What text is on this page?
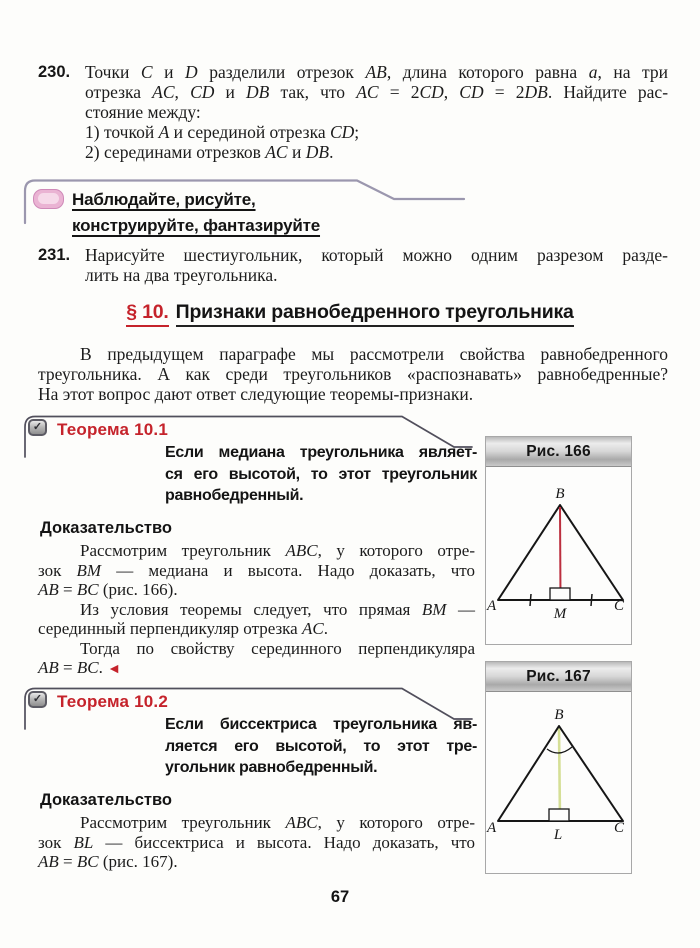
230. Точки C и D разделили отрезок AB, длина которого равна a, на три
отрезка AC, CD и DB так, что AC = 2CD, CD = 2DB. Найдите рас-
стояние между:
1) точкой A и серединой отрезка CD;
2) серединами отрезков AC и DB.
Наблюдайте, рисуйте,
конструируйте, фантазируйте
231. Нарисуйте шестиугольник, который можно одним разрезом разде-
лить на два треугольника.
§ 10. Признаки равнобедренного треугольника
В предыдущем параграфе мы рассмотрели свойства равнобедренного
треугольника. А как среди треугольников «распознавать» равнобедренные?
На этот вопрос дают ответ следующие теоремы-признаки.
✓ Теорема 10.1
Если медиана треугольника являет-
ся его высотой, то этот треугольник
равнобедренный.
Доказательство
Рассмотрим треугольник ABC, у которого отре-
зок BM — медиана и высота. Надо доказать, что
AB = BC (рис. 166).
Из условия теоремы следует, что прямая BM —
серединный перпендикуляр отрезка AC.
Тогда по свойству серединного перпендикуляра
AB = BC. ◄
✓ Теорема 10.2
Если биссектриса треугольника яв-
ляется его высотой, то этот тре-
угольник равнобедренный.
Доказательство
Рассмотрим треугольник ABC, у которого отре-
зок BL — биссектриса и высота. Надо доказать, что
AB = BC (рис. 167).
Рис. 166
B
A	C
M
Рис. 167
B
A	C
L
67
